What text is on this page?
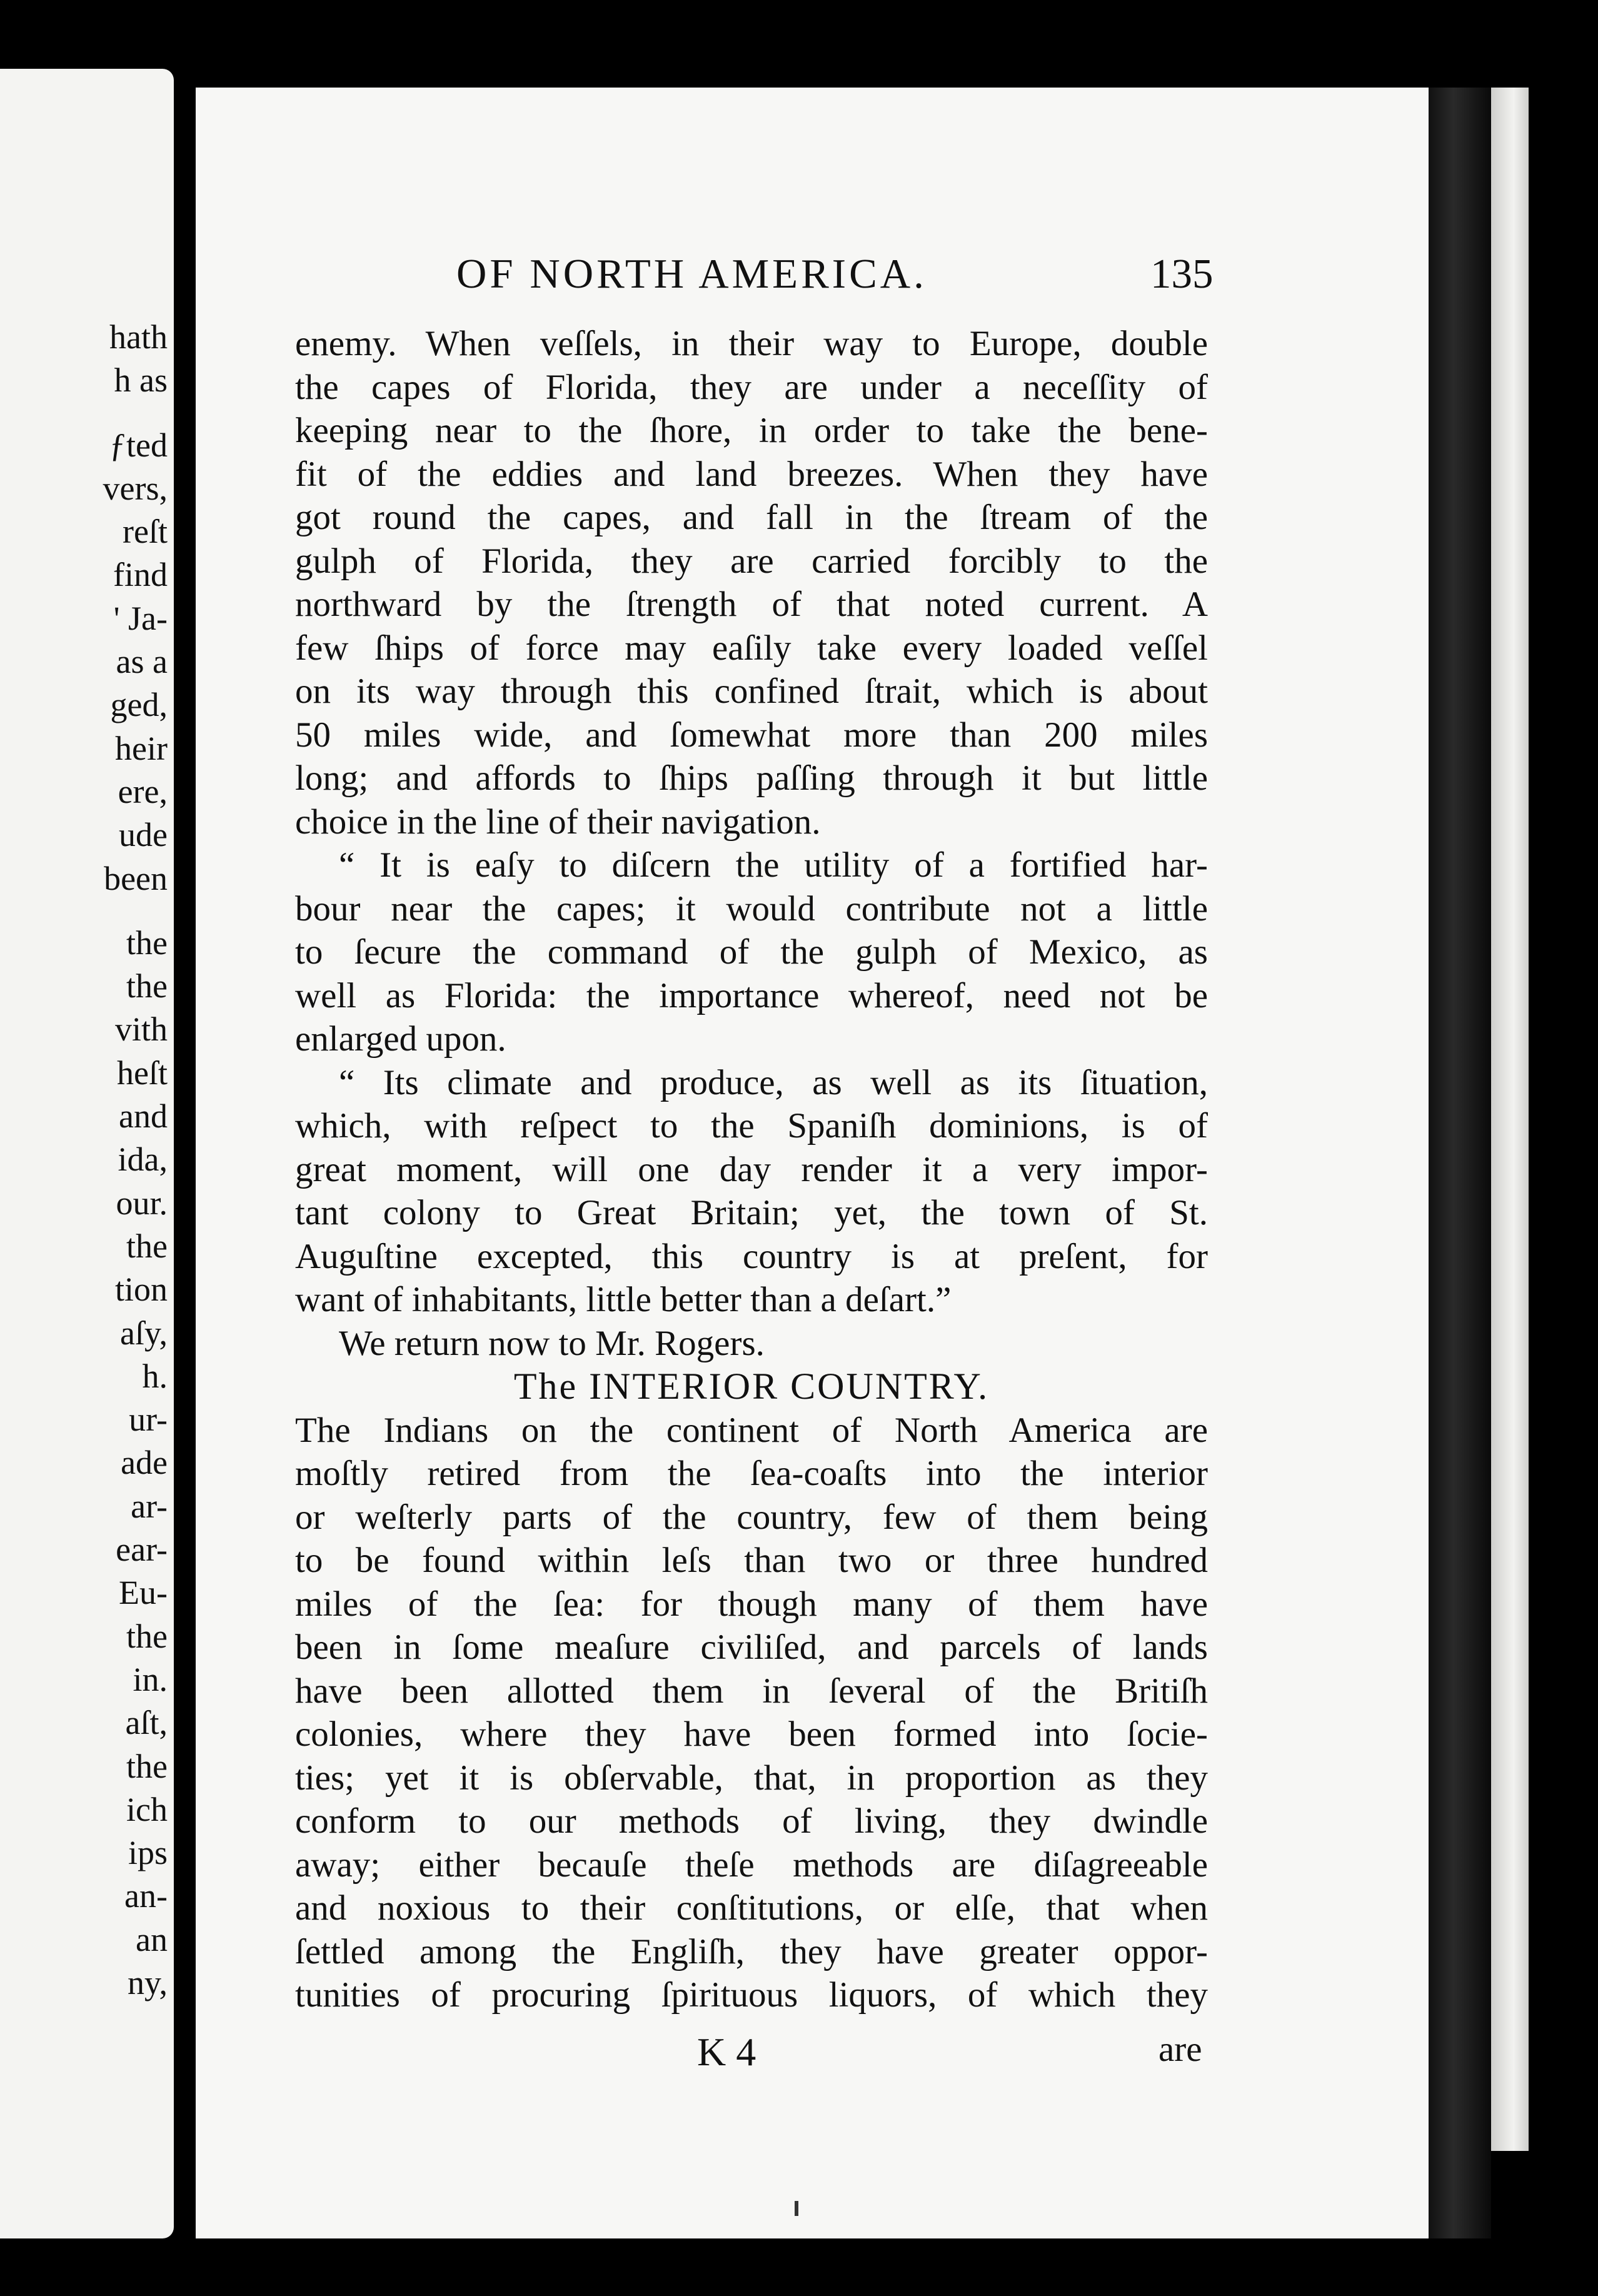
hath
h as
ƒted
vers,
reſt
find
' Ja-
as a
ged,
heir
ere,
ude
been
the
the
vith
heſt
and
ida,
our.
the
tion
aſy,
h.
ur-
ade
ar-
ear-
Eu-
the
in.
aſt,
the
ich
ips
an-
an
ny,
OF NORTH AMERICA.	135
enemy. When veſſels, in their way to Europe, double
the capes of Florida, they are under a neceſſity of
keeping near to the ſhore, in order to take the bene-
fit of the eddies and land breezes. When they have
got round the capes, and fall in the ſtream of the
gulph of Florida, they are carried forcibly to the
northward by the ſtrength of that noted current. A
few ſhips of force may eaſily take every loaded veſſel
on its way through this confined ſtrait, which is about
50 miles wide, and ſomewhat more than 200 miles
long; and affords to ſhips paſſing through it but little
choice in the line of their navigation.
“ It is eaſy to diſcern the utility of a fortified har-
bour near the capes; it would contribute not a little
to ſecure the command of the gulph of Mexico, as
well as Florida: the importance whereof, need not be
enlarged upon.
“ Its climate and produce, as well as its ſituation,
which, with reſpect to the Spaniſh dominions, is of
great moment, will one day render it a very impor-
tant colony to Great Britain; yet, the town of St.
Auguſtine excepted, this country is at preſent, for
want of inhabitants, little better than a deſart.”
We return now to Mr. Rogers.
The INTERIOR COUNTRY.
The Indians on the continent of North America are
moſtly retired from the ſea-coaſts into the interior
or weſterly parts of the country, few of them being
to be found within leſs than two or three hundred
miles of the ſea: for though many of them have
been in ſome meaſure civiliſed, and parcels of lands
have been allotted them in ſeveral of the Britiſh
colonies, where they have been formed into ſocie-
ties; yet it is obſervable, that, in proportion as they
conform to our methods of living, they dwindle
away; either becauſe theſe methods are diſagreeable
and noxious to their conſtitutions, or elſe, that when
ſettled among the Engliſh, they have greater oppor-
tunities of procuring ſpirituous liquors, of which they
K 4	are
